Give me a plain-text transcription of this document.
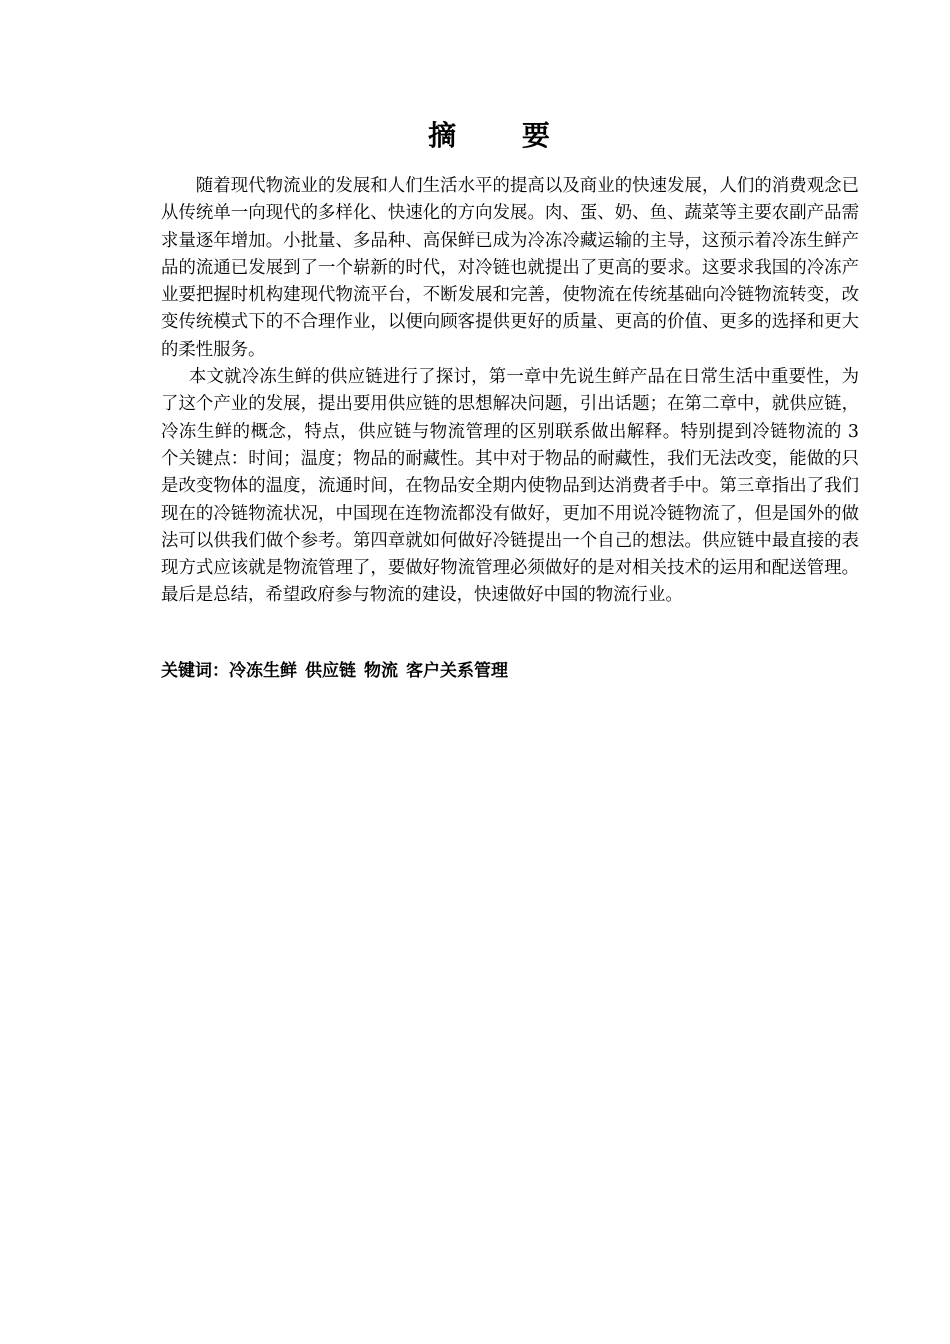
摘 要

随着现代物流业的发展和人们生活水平的提高以及商业的快速发展，人们的消费观念已从传统单一向现代的多样化、快速化的方向发展。肉、蛋、奶、鱼、蔬菜等主要农副产品需求量逐年增加。小批量、多品种、高保鲜已成为冷冻冷藏运输的主导，这预示着冷冻生鲜产品的流通已发展到了一个崭新的时代，对冷链也就提出了更高的要求。这要求我国的冷冻产业要把握时机构建现代物流平台，不断发展和完善，使物流在传统基础向冷链物流转变，改变传统模式下的不合理作业，以便向顾客提供更好的质量、更高的价值、更多的选择和更大的柔性服务。

本文就冷冻生鲜的供应链进行了探讨，第一章中先说生鲜产品在日常生活中重要性，为了这个产业的发展，提出要用供应链的思想解决问题，引出话题；在第二章中，就供应链，冷冻生鲜的概念，特点，供应链与物流管理的区别联系做出解释。特别提到冷链物流的 3 个关键点：时间；温度；物品的耐藏性。其中对于物品的耐藏性，我们无法改变，能做的只是改变物体的温度，流通时间，在物品安全期内使物品到达消费者手中。第三章指出了我们现在的冷链物流状况，中国现在连物流都没有做好，更加不用说冷链物流了，但是国外的做法可以供我们做个参考。第四章就如何做好冷链提出一个自己的想法。供应链中最直接的表现方式应该就是物流管理了，要做好物流管理必须做好的是对相关技术的运用和配送管理。最后是总结，希望政府参与物流的建设，快速做好中国的物流行业。

关键词：冷冻生鲜 供应链 物流 客户关系管理
